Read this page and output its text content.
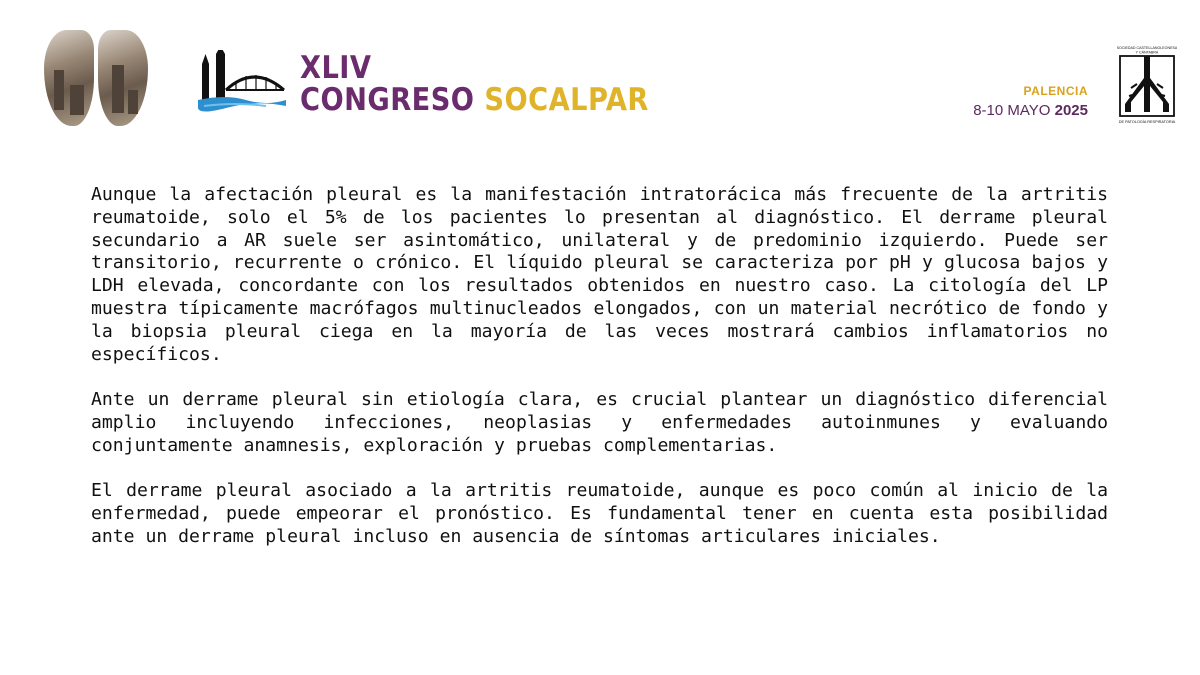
XLIV
CONGRESO SOCALPAR	PALENCIA
8-10 MAYO 2025
SOCIEDAD CASTELLANOLEONESA
Y CÁNTABRA
DE PATOLOGÍA RESPIRATORIA

Aunque la afectación pleural es la manifestación intratorácica más frecuente de la artritis reumatoide, solo el 5% de los pacientes lo presentan al diagnóstico. El derrame pleural secundario a AR suele ser asintomático, unilateral y de predominio izquierdo. Puede ser transitorio, recurrente o crónico. El líquido pleural se caracteriza por pH y glucosa bajos y LDH elevada, concordante con los resultados obtenidos en nuestro caso. La citología del LP muestra típicamente macrófagos multinucleados elongados, con un material necrótico de fondo y la biopsia pleural ciega en la mayoría de las veces mostrará cambios inflamatorios no específicos.

Ante un derrame pleural sin etiología clara, es crucial plantear un diagnóstico diferencial amplio incluyendo infecciones, neoplasias y enfermedades autoinmunes y evaluando conjuntamente anamnesis, exploración y pruebas complementarias.

El derrame pleural asociado a la artritis reumatoide, aunque es poco común al inicio de la enfermedad, puede empeorar el pronóstico. Es fundamental tener en cuenta esta posibilidad ante un derrame pleural incluso en ausencia de síntomas articulares iniciales.
